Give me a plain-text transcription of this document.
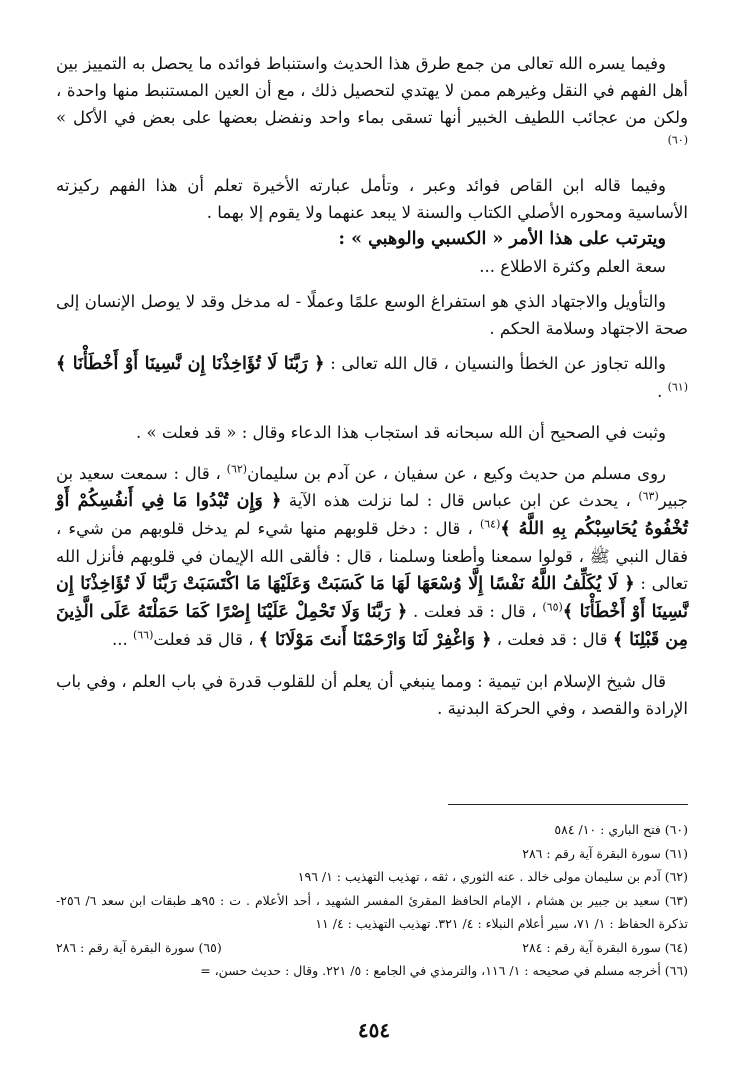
وفيما يسره الله تعالى من جمع طرق هذا الحديث واستنباط فوائده ما يحصل به التمييز بين أهل الفهم في النقل وغيرهم ممن لا يهتدي لتحصيل ذلك ، مع أن العين المستنبط منها واحدة ، ولكن من عجائب اللطيف الخبير أنها تسقى بماء واحد ونفضل بعضها على بعض في الأكل » $^{(٦٠)}$

وفيما قاله ابن القاص فوائد وعبر ، وتأمل عبارته الأخيرة تعلم أن هذا الفهم ركيزته الأساسية ومحوره الأصلي الكتاب والسنة لا يبعد عنهما ولا يقوم إلا بهما .

ويترتب على هذا الأمر « الكسبي والوهبي » :

سعة العلم وكثرة الاطلاع ...

والتأويل والاجتهاد الذي هو استفراغ الوسع علمًا وعملًا - له مدخل وقد لا يوصل الإنسان إلى صحة الاجتهاد وسلامة الحكم .

والله تجاوز عن الخطأ والنسيان ، قال الله تعالى : ﴿ رَبَّنَا لَا تُؤَاخِذْنَا إِن نَّسِينَا أَوْ أَخْطَأْنَا ﴾$^{(٦١)}$ .

وثبت في الصحيح أن الله سبحانه قد استجاب هذا الدعاء وقال : « قد فعلت » .

روى مسلم من حديث وكيع ، عن سفيان ، عن آدم بن سليمان$^{(٦٢)}$ ، قال : سمعت سعيد بن جبير$^{(٦٣)}$ ، يحدث عن ابن عباس قال : لما نزلت هذه الآية ﴿ وَإِن تُبْدُوا مَا فِي أَنفُسِكُمْ أَوْ تُخْفُوهُ يُحَاسِبْكُم بِهِ اللَّهُ ﴾$^{(٦٤)}$ ، قال : دخل قلوبهم منها شيء لم يدخل قلوبهم من شيء ، فقال النبي ﷺ ، قولوا سمعنا وأطعنا وسلمنا ، قال : فألقى الله الإيمان في قلوبهم فأنزل الله تعالى : ﴿ لَا يُكَلِّفُ اللَّهُ نَفْسًا إِلَّا وُسْعَهَا لَهَا مَا كَسَبَتْ وَعَلَيْهَا مَا اكْتَسَبَتْ رَبَّنَا لَا تُؤَاخِذْنَا إِن نَّسِينَا أَوْ أَخْطَأْنَا ﴾$^{(٦٥)}$ ، قال : قد فعلت . ﴿ رَبَّنَا وَلَا تَحْمِلْ عَلَيْنَا إِصْرًا كَمَا حَمَلْتَهُ عَلَى الَّذِينَ مِن قَبْلِنَا ﴾ قال : قد فعلت ، ﴿ وَاغْفِرْ لَنَا وَارْحَمْنَا أَنتَ مَوْلَانَا ﴾ ، قال قد فعلت$^{(٦٦)}$ ...

قال شيخ الإسلام ابن تيمية : ومما ينبغي أن يعلم أن للقلوب قدرة في باب العلم ، وفي باب الإرادة والقصد ، وفي الحركة البدنية .

(٦٠) فتح الباري : ١٠/ ٥٨٤

(٦١) سورة البقرة آية رقم : ٢٨٦

(٦٢) آدم بن سليمان مولى خالد . عنه الثوري ، ثقه ، تهذيب التهذيب : ١/ ١٩٦

(٦٣) سعيد بن جبير بن هشام ، الإمام الحافظ المقرئ المفسر الشهيد ، أحد الأعلام . ت : ٩٥هـ طبقات ابن سعد ٦/ ٢٥٦- تذكرة الحفاظ : ١/ ٧١، سير أعلام النبلاء : ٤/ ٣٢١. تهذيب التهذيب : ٤/ ١١

(٦٤) سورة البقرة آية رقم : ٢٨٤
(٦٥) سورة البقرة آية رقم : ٢٨٦

(٦٦) أخرجه مسلم في صحيحه : ١/ ١١٦، والترمذي في الجامع : ٥/ ٢٢١. وقال : حديث حسن، =

٤٥٤
